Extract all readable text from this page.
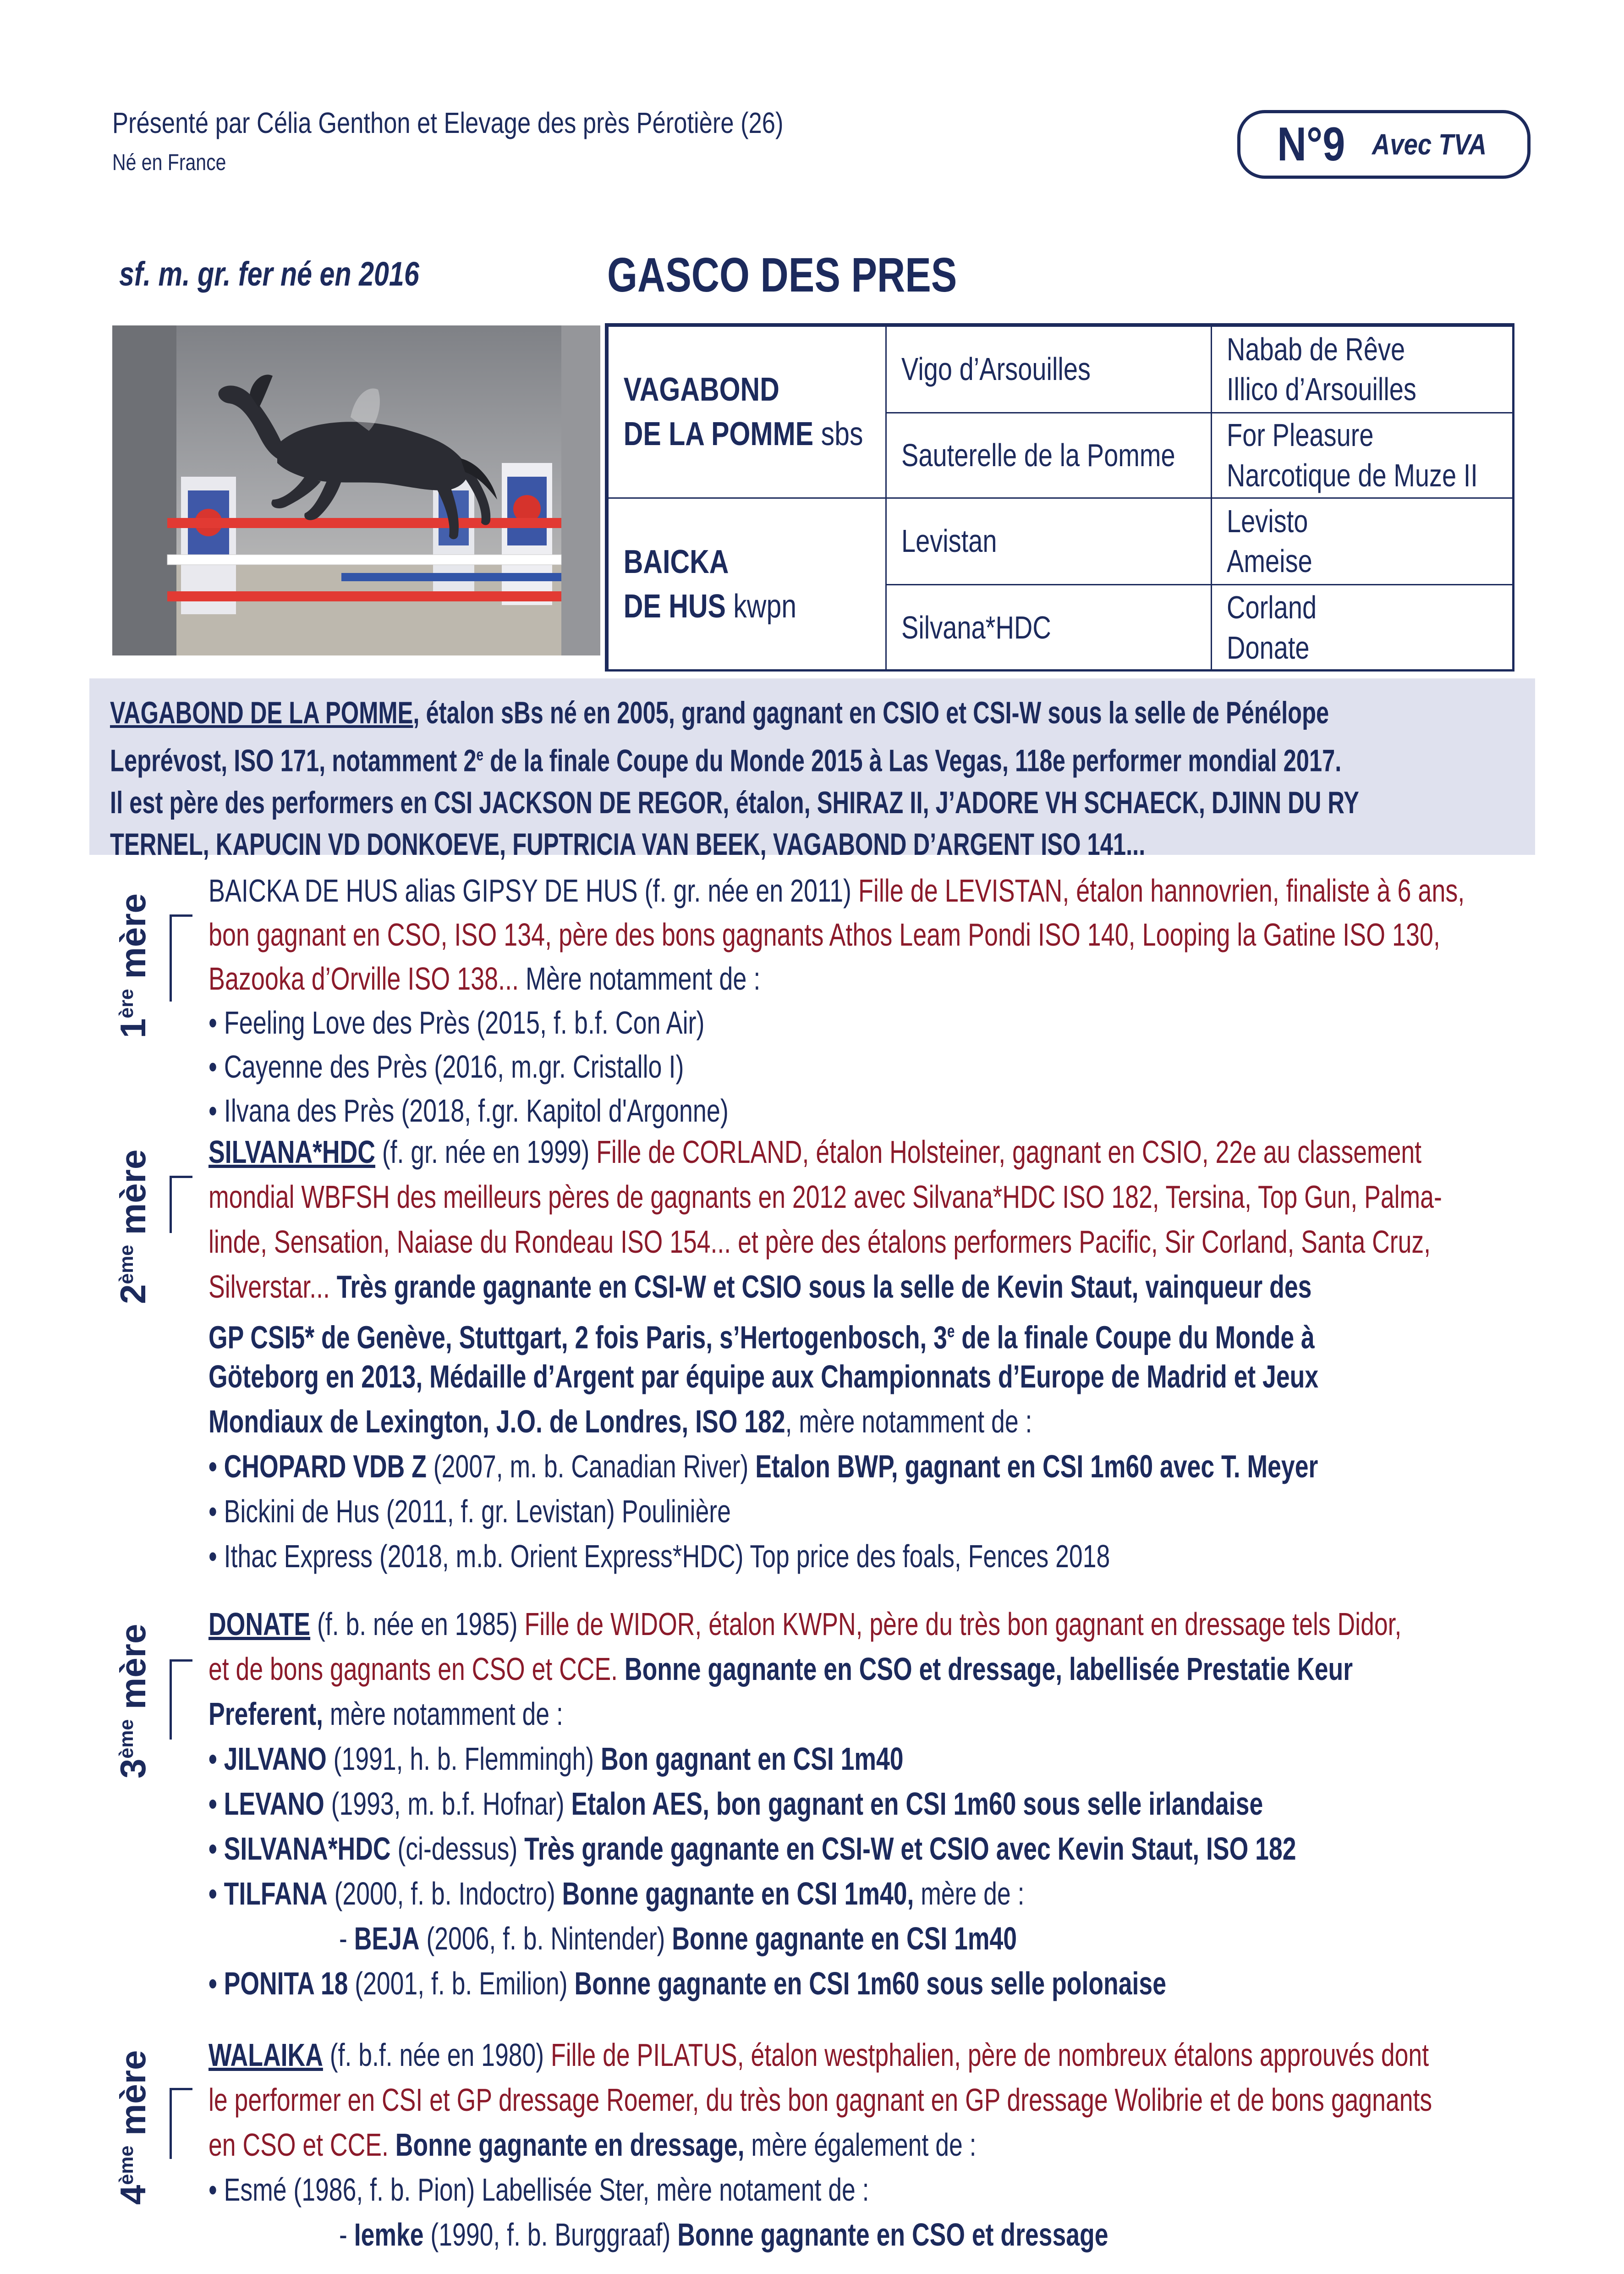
Présenté par Célia Genthon et Elevage des près Pérotière (26)
Né en France	N°9 Avec TVA
sf. m. gr. fer né en 2016	GASCO DES PRES
VAGABOND
DE LA POMME sbs
BAICKA
DE HUS kwpn
Vigo d’Arsouilles
Sauterelle de la Pomme
Levistan
Silvana*HDC
Nabab de Rêve
Illico d’Arsouilles
For Pleasure
Narcotique de Muze II
Levisto
Ameise
Corland
Donate
VAGABOND DE LA POMME, étalon sBs né en 2005, grand gagnant en CSIO et CSI-W sous la selle de Pénélope
Leprévost, ISO 171, notamment 2e de la finale Coupe du Monde 2015 à Las Vegas, 118e performer mondial 2017.
Il est père des performers en CSI JACKSON DE REGOR, étalon, SHIRAZ II, J’ADORE VH SCHAECK, DJINN DU RY
TERNEL, KAPUCIN VD DONKOEVE, FUPTRICIA VAN BEEK, VAGABOND D’ARGENT ISO 141...
1ère mère
BAICKA DE HUS alias GIPSY DE HUS (f. gr. née en 2011) Fille de LEVISTAN, étalon hannovrien, finaliste à 6 ans,
bon gagnant en CSO, ISO 134, père des bons gagnants Athos Leam Pondi ISO 140, Looping la Gatine ISO 130,
Bazooka d’Orville ISO 138... Mère notamment de :
• Feeling Love des Près (2015, f. b.f. Con Air)
• Cayenne des Près (2016, m.gr. Cristallo I)
• Ilvana des Près (2018, f.gr. Kapitol d'Argonne)
2ème mère SILVANA*HDC (f. gr. née en 1999) Fille de CORLAND, étalon Holsteiner, gagnant en CSIO, 22e au classement
mondial WBFSH des meilleurs pères de gagnants en 2012 avec Silvana*HDC ISO 182, Tersina, Top Gun, Palma-
linde, Sensation, Naiase du Rondeau ISO 154... et père des étalons performers Pacific, Sir Corland, Santa Cruz,
Silverstar... Très grande gagnante en CSI-W et CSIO sous la selle de Kevin Staut, vainqueur des
GP CSI5* de Genève, Stuttgart, 2 fois Paris, s’Hertogenbosch, 3e de la finale Coupe du Monde à
Göteborg en 2013, Médaille d’Argent par équipe aux Championnats d’Europe de Madrid et Jeux
Mondiaux de Lexington, J.O. de Londres, ISO 182, mère notamment de :
• CHOPARD VDB Z (2007, m. b. Canadian River) Etalon BWP, gagnant en CSI 1m60 avec T. Meyer
• Bickini de Hus (2011, f. gr. Levistan) Poulinière
• Ithac Express (2018, m.b. Orient Express*HDC) Top price des foals, Fences 2018
3ème mère DONATE (f. b. née en 1985) Fille de WIDOR, étalon KWPN, père du très bon gagnant en dressage tels Didor,
et de bons gagnants en CSO et CCE. Bonne gagnante en CSO et dressage, labellisée Prestatie Keur
Preferent, mère notamment de :
• JILVANO (1991, h. b. Flemmingh) Bon gagnant en CSI 1m40
• LEVANO (1993, m. b.f. Hofnar) Etalon AES, bon gagnant en CSI 1m60 sous selle irlandaise
• SILVANA*HDC (ci-dessus) Très grande gagnante en CSI-W et CSIO avec Kevin Staut, ISO 182
• TILFANA (2000, f. b. Indoctro) Bonne gagnante en CSI 1m40, mère de :
- BEJA (2006, f. b. Nintender) Bonne gagnante en CSI 1m40
• PONITA 18 (2001, f. b. Emilion) Bonne gagnante en CSI 1m60 sous selle polonaise
4ème mère WALAIKA (f. b.f. née en 1980) Fille de PILATUS, étalon westphalien, père de nombreux étalons approuvés dont
le performer en CSI et GP dressage Roemer, du très bon gagnant en GP dressage Wolibrie et de bons gagnants
en CSO et CCE. Bonne gagnante en dressage, mère également de :
• Esmé (1986, f. b. Pion) Labellisée Ster, mère notament de :
- Iemke (1990, f. b. Burggraaf) Bonne gagnante en CSO et dressage
